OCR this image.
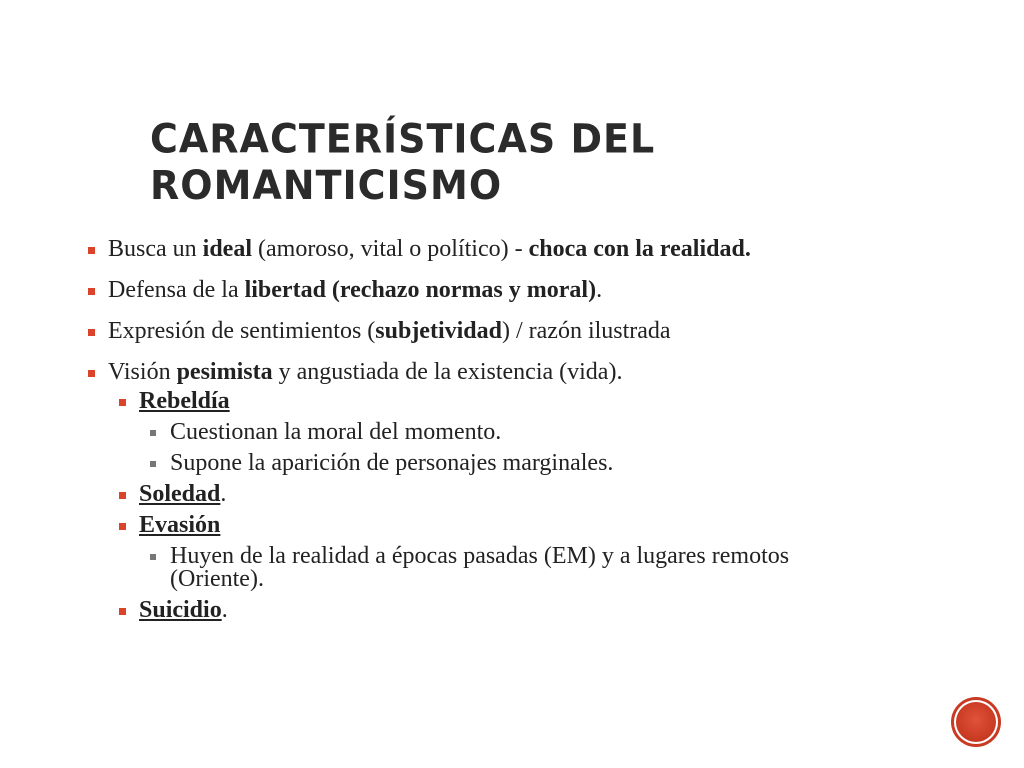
CARACTERÍSTICAS DEL ROMANTICISMO
Busca un ideal (amoroso, vital o político) - choca con la realidad.
Defensa de la libertad (rechazo normas y moral).
Expresión de sentimientos (subjetividad) / razón ilustrada
Visión pesimista y angustiada de la existencia (vida).
Rebeldía
Cuestionan la moral del momento.
Supone la aparición de personajes marginales.
Soledad.
Evasión
Huyen de la realidad a épocas pasadas (EM) y a lugares remotos (Oriente).
Suicidio.
